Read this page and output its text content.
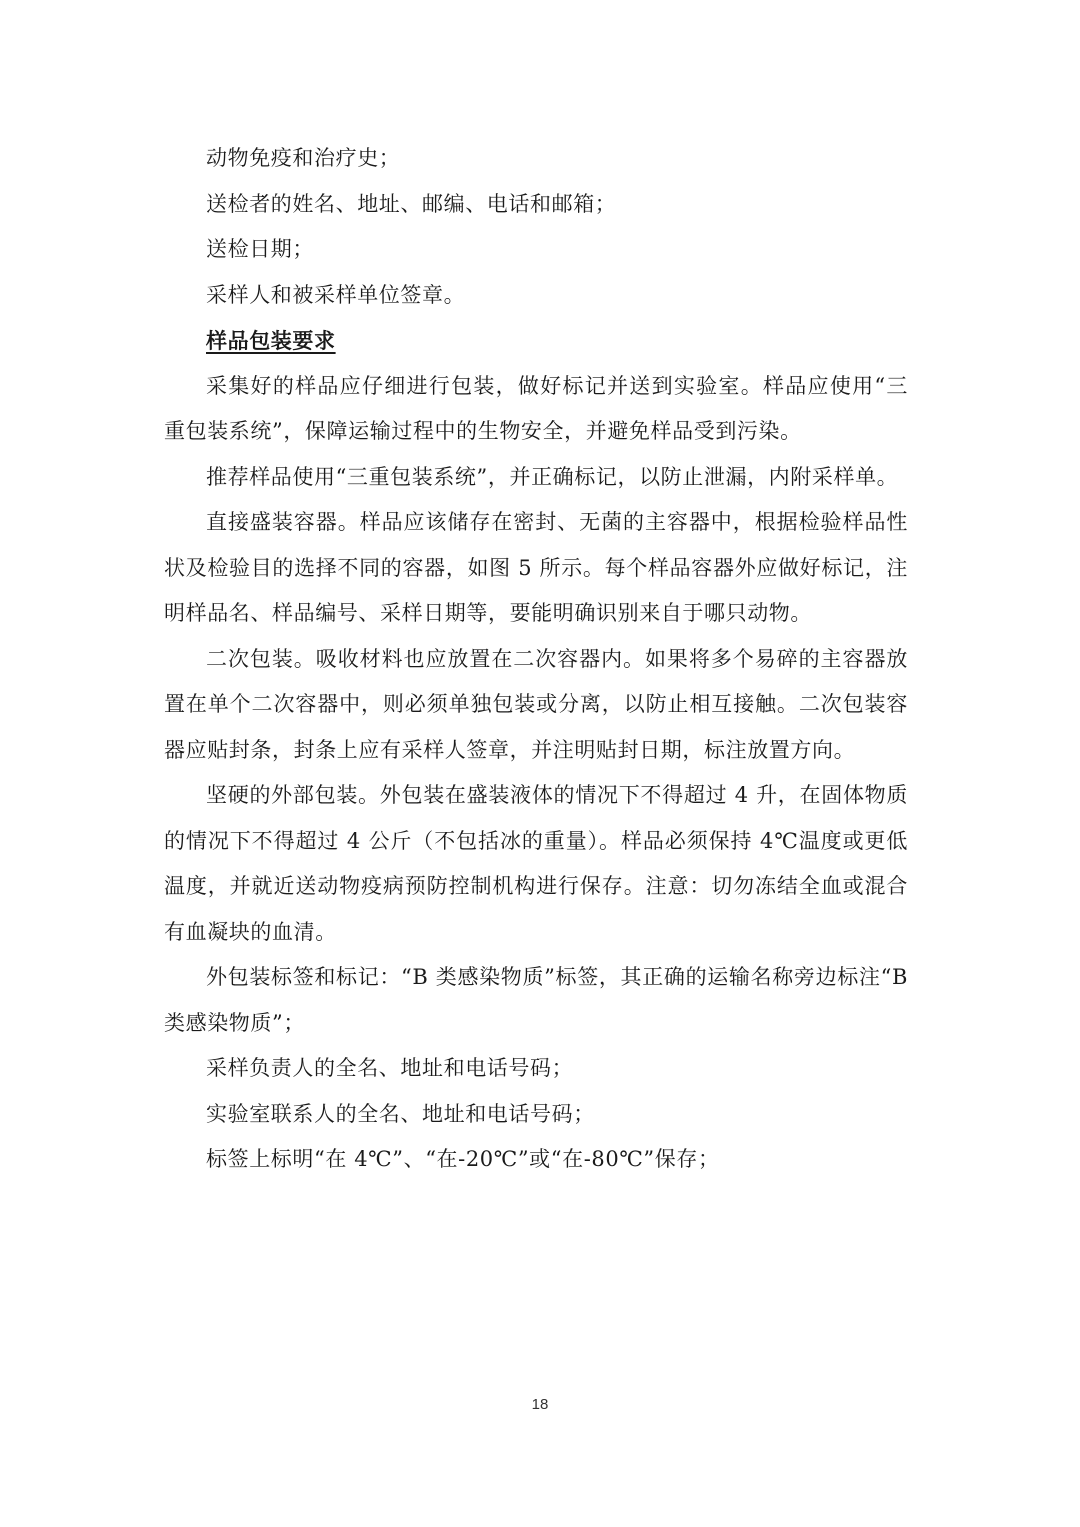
动物免疫和治疗史；

送检者的姓名、地址、邮编、电话和邮箱；

送检日期；

采样人和被采样单位签章。

样品包装要求

采集好的样品应仔细进行包装，做好标记并送到实验室。样品应使用“三重包装系统”，保障运输过程中的生物安全，并避免样品受到污染。

推荐样品使用“三重包装系统”，并正确标记，以防止泄漏，内附采样单。

直接盛装容器。样品应该储存在密封、无菌的主容器中，根据检验样品性状及检验目的选择不同的容器，如图 5 所示。每个样品容器外应做好标记，注明样品名、样品编号、采样日期等，要能明确识别来自于哪只动物。

二次包装。吸收材料也应放置在二次容器内。如果将多个易碎的主容器放置在单个二次容器中，则必须单独包装或分离，以防止相互接触。二次包装容器应贴封条，封条上应有采样人签章，并注明贴封日期，标注放置方向。

坚硬的外部包装。外包装在盛装液体的情况下不得超过 4 升，在固体物质的情况下不得超过 4 公斤（不包括冰的重量）。样品必须保持 4℃温度或更低温度，并就近送动物疫病预防控制机构进行保存。注意：切勿冻结全血或混合有血凝块的血清。

外包装标签和标记：“B 类感染物质”标签，其正确的运输名称旁边标注“B 类感染物质”；

采样负责人的全名、地址和电话号码；

实验室联系人的全名、地址和电话号码；

标签上标明“在 4℃”、“在-20℃”或“在-80℃”保存；

18
